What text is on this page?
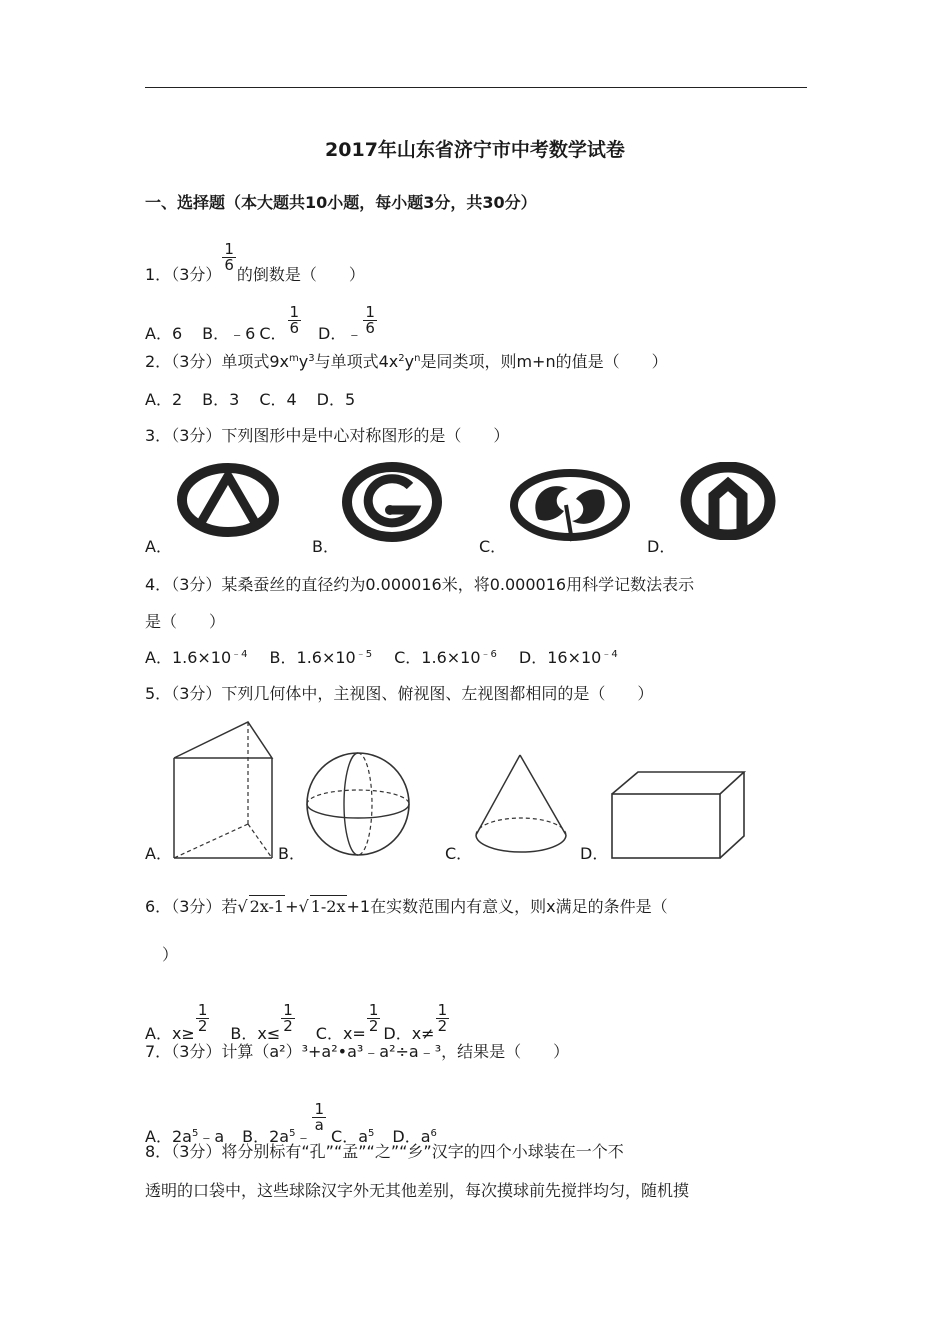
2017年山东省济宁市中考数学试卷
一、选择题（本大题共10小题，每小题3分，共30分）
1．（3分）
$\frac{1}{6}$
的倒数是（　　）
A．6 B．﹣6 C． $\frac{1}{6}$ D．﹣ $\frac{1}{6}$
2．（3分）单项式$9x^my^3$与单项式$4x^2y^n$是同类项，则m+n的值是（　　）
A．2 B．3 C．4 D．5
3．（3分）下列图形中是中心对称图形的是（　　）
A．	B．	C．	D．
4．（3分）某桑蚕丝的直径约为0.000016米，将0.000016用科学记数法表示
是（　　）
A．$1.6\times 10^{﹣4}$ B．$1.6\times 10^{﹣5}$ C．$1.6\times 10^{﹣6}$ D．$16\times 10^{﹣4}$
5．（3分）下列几何体中，主视图、俯视图、左视图都相同的是（　　）
A．	B．	C．	D．
6．（3分）若√ 2x-1+√ 1-2x+1在实数范围内有意义，则x满足的条件是（
）
A．$x\ge \frac{1}{2}$ B．$x\le \frac{1}{2}$ C．$x= \frac{1}{2}$ D．$x\ne \frac{1}{2}$
7．（3分）计算（a²）³+a²•a³﹣a²÷a﹣³，结果是（　　）
A．$2a^5﹣a$ B．$2a^5﹣$
$\frac{1}{a}$
C．$a^5$ D．$a^6$
8．（3分）将分别标有“孔”“孟”“之”“乡”汉字的四个小球装在一个不
透明的口袋中，这些球除汉字外无其他差别，每次摸球前先搅拌均匀，随机摸
